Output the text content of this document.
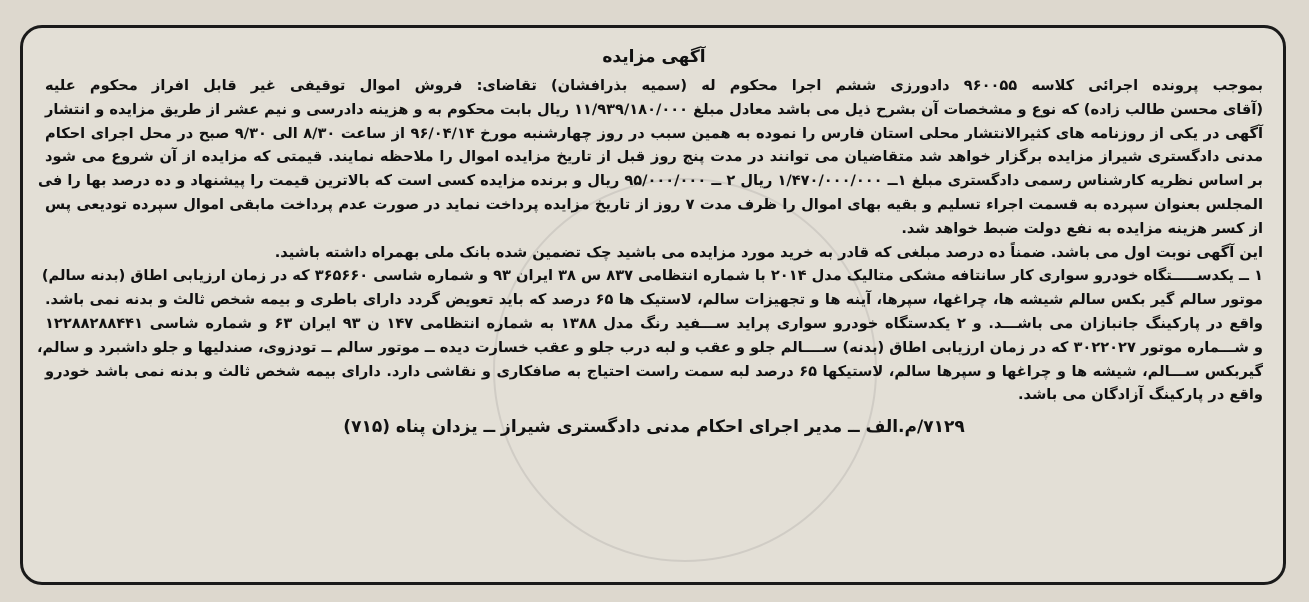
آگهی مزایده
بموجب پرونده اجرائی کلاسه ۹۶۰۰۵۵ دادورزی ششم اجرا محکوم له (سمیه بذرافشان) تقاضای: فروش اموال توقیفی غیر قابل افراز محکوم علیه
(آقای محسن طالب زاده) که نوع و مشخصات آن بشرح ذیل می باشد معادل مبلغ ۱۱/۹۳۹/۱۸۰/۰۰۰ ریال بابت محکوم به و هزینه دادرسی و نیم عشر از طریق مزایده و انتشار
آگهی در یکی از روزنامه های کثیرالانتشار محلی استان فارس را نموده به همین سبب در روز چهارشنبه مورخ ۹۶/۰۴/۱۴ از ساعت ۸/۳۰ الی ۹/۳۰ صبح در محل اجرای احکام
مدنی دادگستری شیراز مزایده برگزار خواهد شد متقاضیان می توانند در مدت پنج روز قبل از تاریخ مزایده اموال را ملاحظه نمایند. قیمتی که مزایده از آن شروع می شود
بر اساس نظریه کارشناس رسمی دادگستری مبلغ ۱ــ ۱/۴۷۰/۰۰۰/۰۰۰ ریال ۲ ــ ۹۵/۰۰۰/۰۰۰ ریال و برنده مزایده کسی است که بالاترین قیمت را پیشنهاد و ده درصد بها را فی
المجلس بعنوان سپرده به قسمت اجراء تسلیم و بقیه بهای اموال را ظرف مدت ۷ روز از تاریخ مزایده پرداخت نماید در صورت عدم پرداخت مابقی اموال سپرده تودیعی پس
از کسر هزینه مزایده به نفع دولت ضبط خواهد شد.
این آگهی نوبت اول می باشد. ضمناً ده درصد مبلغی که قادر به خرید مورد مزایده می باشید چک تضمین شده بانک ملی بهمراه داشته باشید.
۱ ــ یکدســـــتگاه خودرو سواری کار سانتافه مشکی متالیک مدل ۲۰۱۴ با شماره انتظامی ۸۳۷ س ۳۸ ایران ۹۳ و شماره شاسی ۳۶۵۶۶۰ که در زمان ارزیابی اطاق (بدنه سالم)
موتور سالم گیر بکس سالم شیشه ها، چراغها، سپرها، آینه ها و تجهیزات سالم، لاستیک ها ۶۵ درصد که باید تعویض گردد دارای باطری و بیمه شخص ثالث و بدنه نمی باشد.
واقع در پارکینگ جانبازان می باشـــد. و ۲ یکدستگاه خودرو سواری پراید ســـفید رنگ مدل ۱۳۸۸ به شماره انتظامی ۱۴۷ ن ۹۳ ایران ۶۳ و شماره شاسی ۱۲۲۸۸۲۸۸۴۴۱
و شـــماره موتور ۳۰۲۲۰۲۷ که در زمان ارزیابی اطاق (بدنه) ســــالم جلو و عقب و لبه درب جلو و عقب خسارت دیده ــ موتور سالم ــ تودزوی، صندلیها و جلو داشبرد و سالم،
گیربکس ســـالم، شیشه ها و چراغها و سپرها سالم، لاستیکها ۶۵ درصد لبه سمت راست احتیاج به صافکاری و نقاشی دارد. دارای بیمه شخص ثالث و بدنه نمی باشد خودرو
واقع در پارکینگ آزادگان می باشد.
۷۱۲۹/م.الف ــ مدیر اجرای احکام مدنی دادگستری شیراز ــ یزدان پناه (۷۱۵)
